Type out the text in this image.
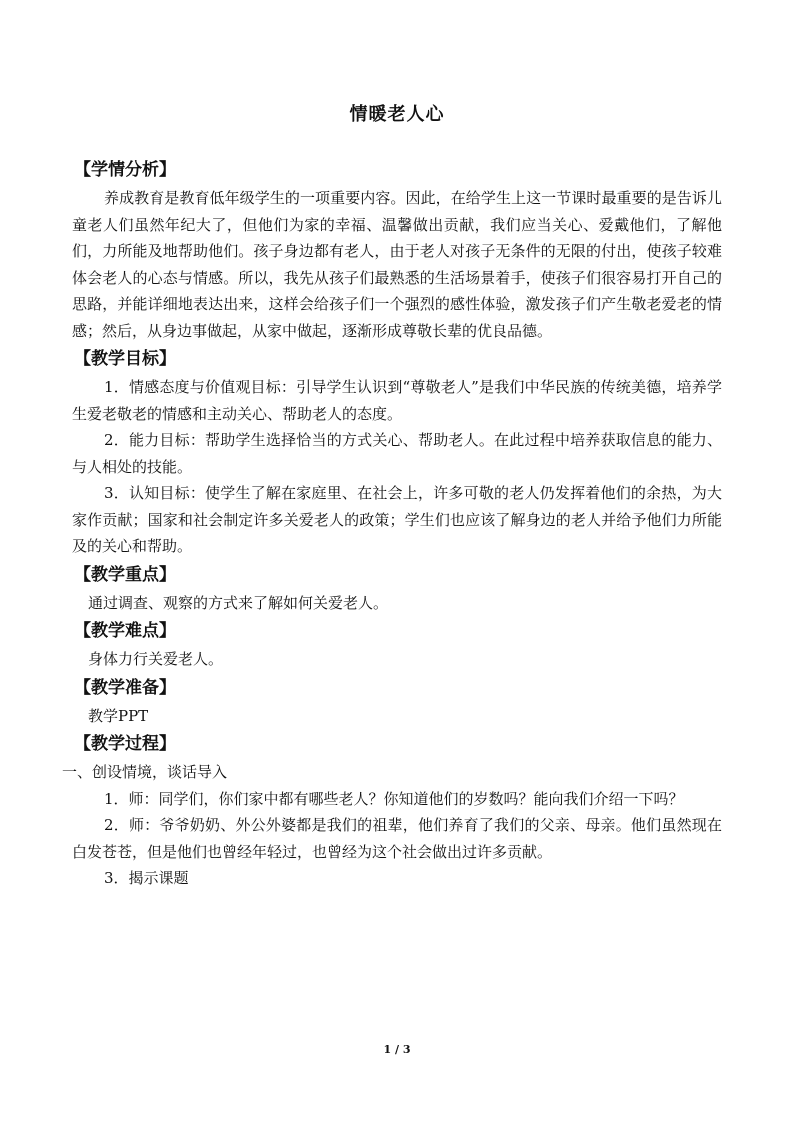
情暖老人心
【学情分析】

养成教育是教育低年级学生的一项重要内容。因此，在给学生上这一节课时最重要的是告诉儿童老人们虽然年纪大了，但他们为家的幸福、温馨做出贡献，我们应当关心、爱戴他们，了解他们，力所能及地帮助他们。孩子身边都有老人，由于老人对孩子无条件的无限的付出，使孩子较难体会老人的心态与情感。所以，我先从孩子们最熟悉的生活场景着手，使孩子们很容易打开自己的思路，并能详细地表达出来，这样会给孩子们一个强烈的感性体验，激发孩子们产生敬老爱老的情感；然后，从身边事做起，从家中做起，逐渐形成尊敬长辈的优良品德。

【教学目标】

1．情感态度与价值观目标：引导学生认识到“尊敬老人”是我们中华民族的传统美德，培养学生爱老敬老的情感和主动关心、帮助老人的态度。

2．能力目标：帮助学生选择恰当的方式关心、帮助老人。在此过程中培养获取信息的能力、与人相处的技能。

3．认知目标：使学生了解在家庭里、在社会上，许多可敬的老人仍发挥着他们的余热，为大家作贡献；国家和社会制定许多关爱老人的政策；学生们也应该了解身边的老人并给予他们力所能及的关心和帮助。

【教学重点】

通过调查、观察的方式来了解如何关爱老人。

【教学难点】

身体力行关爱老人。

【教学准备】

教学PPT

【教学过程】

一、创设情境，谈话导入

1．师：同学们，你们家中都有哪些老人？你知道他们的岁数吗？能向我们介绍一下吗？

2．师：爷爷奶奶、外公外婆都是我们的祖辈，他们养育了我们的父亲、母亲。他们虽然现在白发苍苍，但是他们也曾经年轻过，也曾经为这个社会做出过许多贡献。

3．揭示课题

1 / 3
